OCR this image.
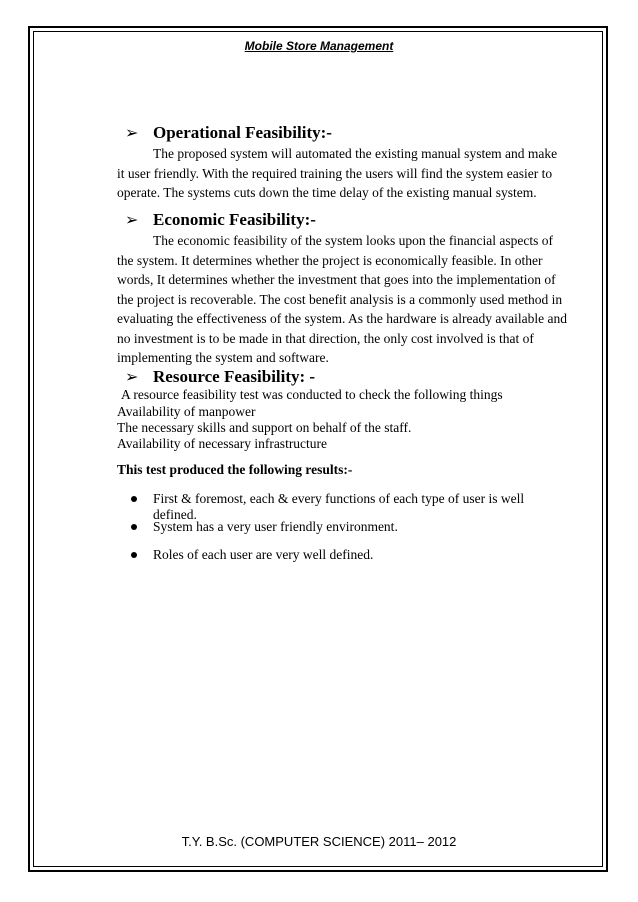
Mobile Store Management
➢ Operational Feasibility:-

The proposed system will automated the existing manual system and make it user friendly. With the required training the users will find the system easier to operate. The systems cuts down the time delay of the existing manual system.

➢ Economic Feasibility:-

The economic feasibility of the system looks upon the financial aspects of the system. It determines whether the project is economically feasible. In other words, It determines whether the investment that goes into the implementation of the project is recoverable. The cost benefit analysis is a commonly used method in evaluating the effectiveness of the system. As the hardware is already available and no investment is to be made in that direction, the only cost involved is that of implementing the system and software.

➢ Resource Feasibility: -
A resource feasibility test was conducted to check the following things
Availability of manpower
The necessary skills and support on behalf of the staff.
Availability of necessary infrastructure
This test produced the following results:-
First & foremost, each & every functions of each type of user is well defined.
System has a very user friendly environment.
Roles of each user are very well defined.
T.Y. B.Sc. (COMPUTER SCIENCE) 2011– 2012
